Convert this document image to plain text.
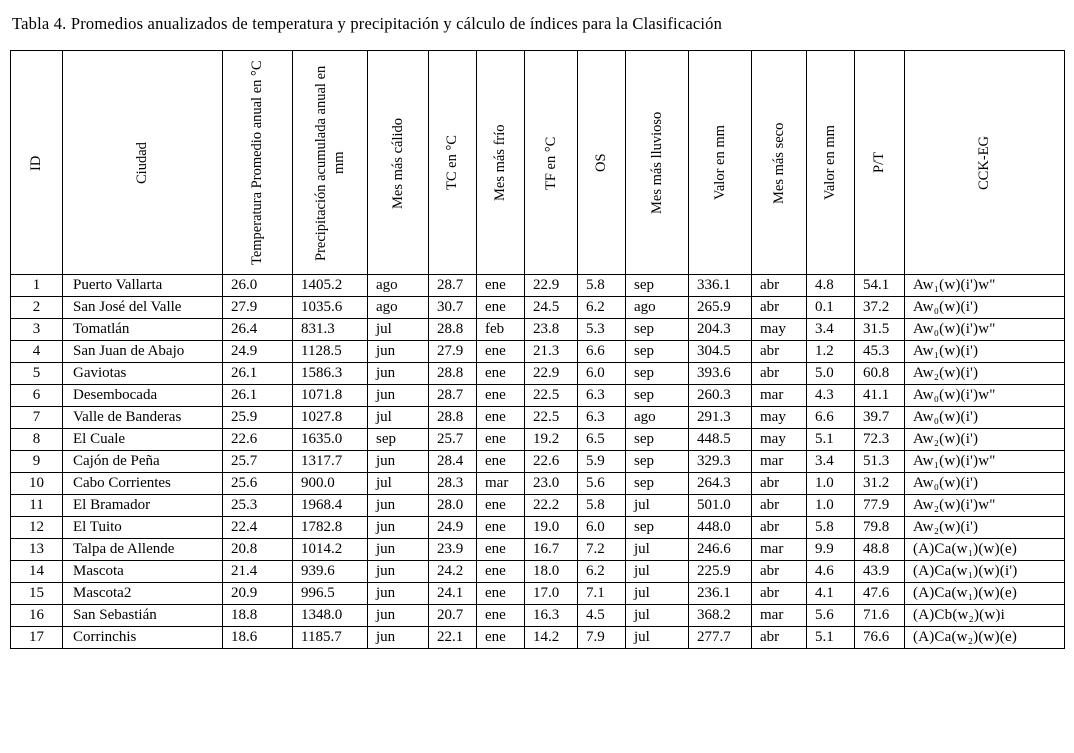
Tabla 4. Promedios anualizados de temperatura y precipitación y cálculo de índices para la Clasificación
ID	Ciudad	Temperatura Promedio anual en °C	Precipitación acumulada anual en mm	Mes más cálido	TC en °C	Mes más frío	TF en °C	OS	Mes más lluvioso	Valor en mm	Mes más seco	Valor en mm	P/T	CCK-EG

1	Puerto Vallarta	26.0	1405.2	ago	28.7	ene	22.9	5.8	sep	336.1	abr	4.8	54.1	Aw₁(w)(i')w"
2	San José del Valle	27.9	1035.6	ago	30.7	ene	24.5	6.2	ago	265.9	abr	0.1	37.2	Aw₀(w)(i')
3	Tomatlán	26.4	831.3	jul	28.8	feb	23.8	5.3	sep	204.3	may	3.4	31.5	Aw₀(w)(i')w"
4	San Juan de Abajo	24.9	1128.5	jun	27.9	ene	21.3	6.6	sep	304.5	abr	1.2	45.3	Aw₁(w)(i')
5	Gaviotas	26.1	1586.3	jun	28.8	ene	22.9	6.0	sep	393.6	abr	5.0	60.8	Aw₂(w)(i')
6	Desembocada	26.1	1071.8	jun	28.7	ene	22.5	6.3	sep	260.3	mar	4.3	41.1	Aw₀(w)(i')w"
7	Valle de Banderas	25.9	1027.8	jul	28.8	ene	22.5	6.3	ago	291.3	may	6.6	39.7	Aw₀(w)(i')
8	El Cuale	22.6	1635.0	sep	25.7	ene	19.2	6.5	sep	448.5	may	5.1	72.3	Aw₂(w)(i')
9	Cajón de Peña	25.7	1317.7	jun	28.4	ene	22.6	5.9	sep	329.3	mar	3.4	51.3	Aw₁(w)(i')w"
10	Cabo Corrientes	25.6	900.0	jul	28.3	mar	23.0	5.6	sep	264.3	abr	1.0	31.2	Aw₀(w)(i')
11	El Bramador	25.3	1968.4	jun	28.0	ene	22.2	5.8	jul	501.0	abr	1.0	77.9	Aw₂(w)(i')w"
12	El Tuito	22.4	1782.8	jun	24.9	ene	19.0	6.0	sep	448.0	abr	5.8	79.8	Aw₂(w)(i')
13	Talpa de Allende	20.8	1014.2	jun	23.9	ene	16.7	7.2	jul	246.6	mar	9.9	48.8	(A)Ca(w₁)(w)(e)
14	Mascota	21.4	939.6	jun	24.2	ene	18.0	6.2	jul	225.9	abr	4.6	43.9	(A)Ca(w₁)(w)(i')
15	Mascota2	20.9	996.5	jun	24.1	ene	17.0	7.1	jul	236.1	abr	4.1	47.6	(A)Ca(w₁)(w)(e)
16	San Sebastián	18.8	1348.0	jun	20.7	ene	16.3	4.5	jul	368.2	mar	5.6	71.6	(A)Cb(w₂)(w)i
17	Corrinchis	18.6	1185.7	jun	22.1	ene	14.2	7.9	jul	277.7	abr	5.1	76.6	(A)Ca(w₂)(w)(e)
